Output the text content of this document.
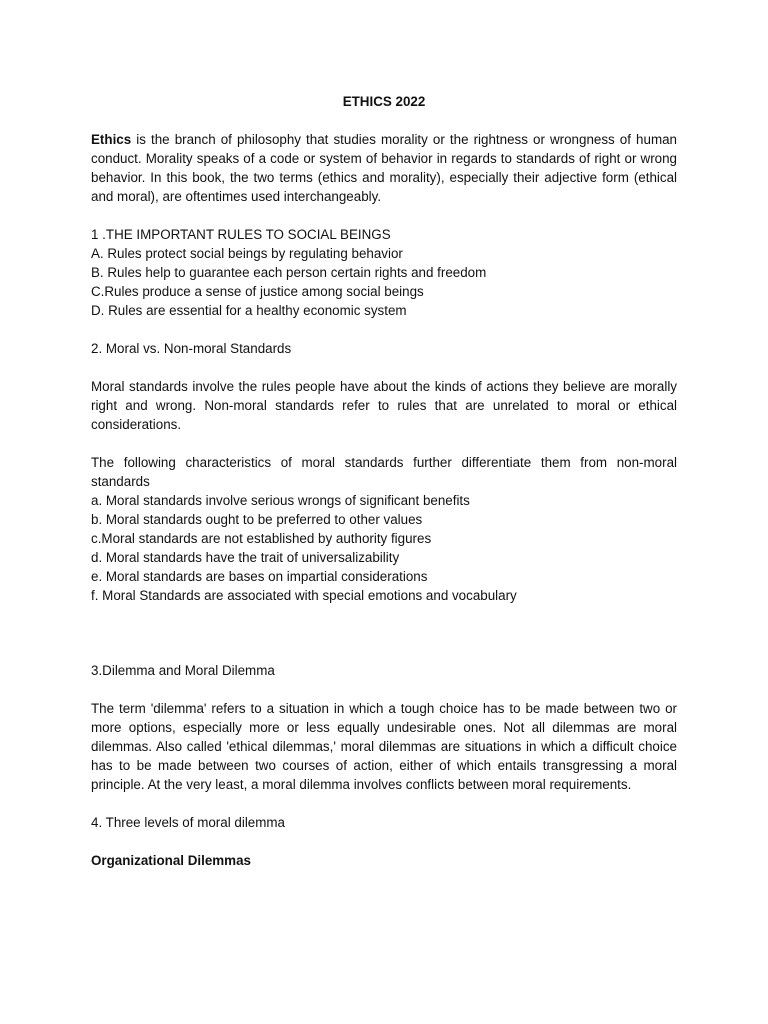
ETHICS 2022

Ethics is the branch of philosophy that studies morality or the rightness or wrongness of human conduct. Morality speaks of a code or system of behavior in regards to standards of right or wrong behavior. In this book, the two terms (ethics and morality), especially their adjective form (ethical and moral), are oftentimes used interchangeably.

1 .THE IMPORTANT RULES TO SOCIAL BEINGS

A. Rules protect social beings by regulating behavior

B. Rules help to guarantee each person certain rights and freedom

C.Rules produce a sense of justice among social beings

D. Rules are essential for a healthy economic system

2. Moral vs. Non-moral Standards

Moral standards involve the rules people have about the kinds of actions they believe are morally right and wrong. Non-moral standards refer to rules that are unrelated to moral or ethical considerations.

The following characteristics of moral standards further differentiate them from non-moral standards

a. Moral standards involve serious wrongs of significant benefits

b. Moral standards ought to be preferred to other values

c.Moral standards are not established by authority figures

d. Moral standards have the trait of universalizability

e. Moral standards are bases on impartial considerations

f. Moral Standards are associated with special emotions and vocabulary

3.Dilemma and Moral Dilemma

The term 'dilemma' refers to a situation in which a tough choice has to be made between two or more options, especially more or less equally undesirable ones. Not all dilemmas are moral dilemmas. Also called 'ethical dilemmas,' moral dilemmas are situations in which a difficult choice has to be made between two courses of action, either of which entails transgressing a moral principle. At the very least, a moral dilemma involves conflicts between moral requirements.

4. Three levels of moral dilemma

Organizational Dilemmas
